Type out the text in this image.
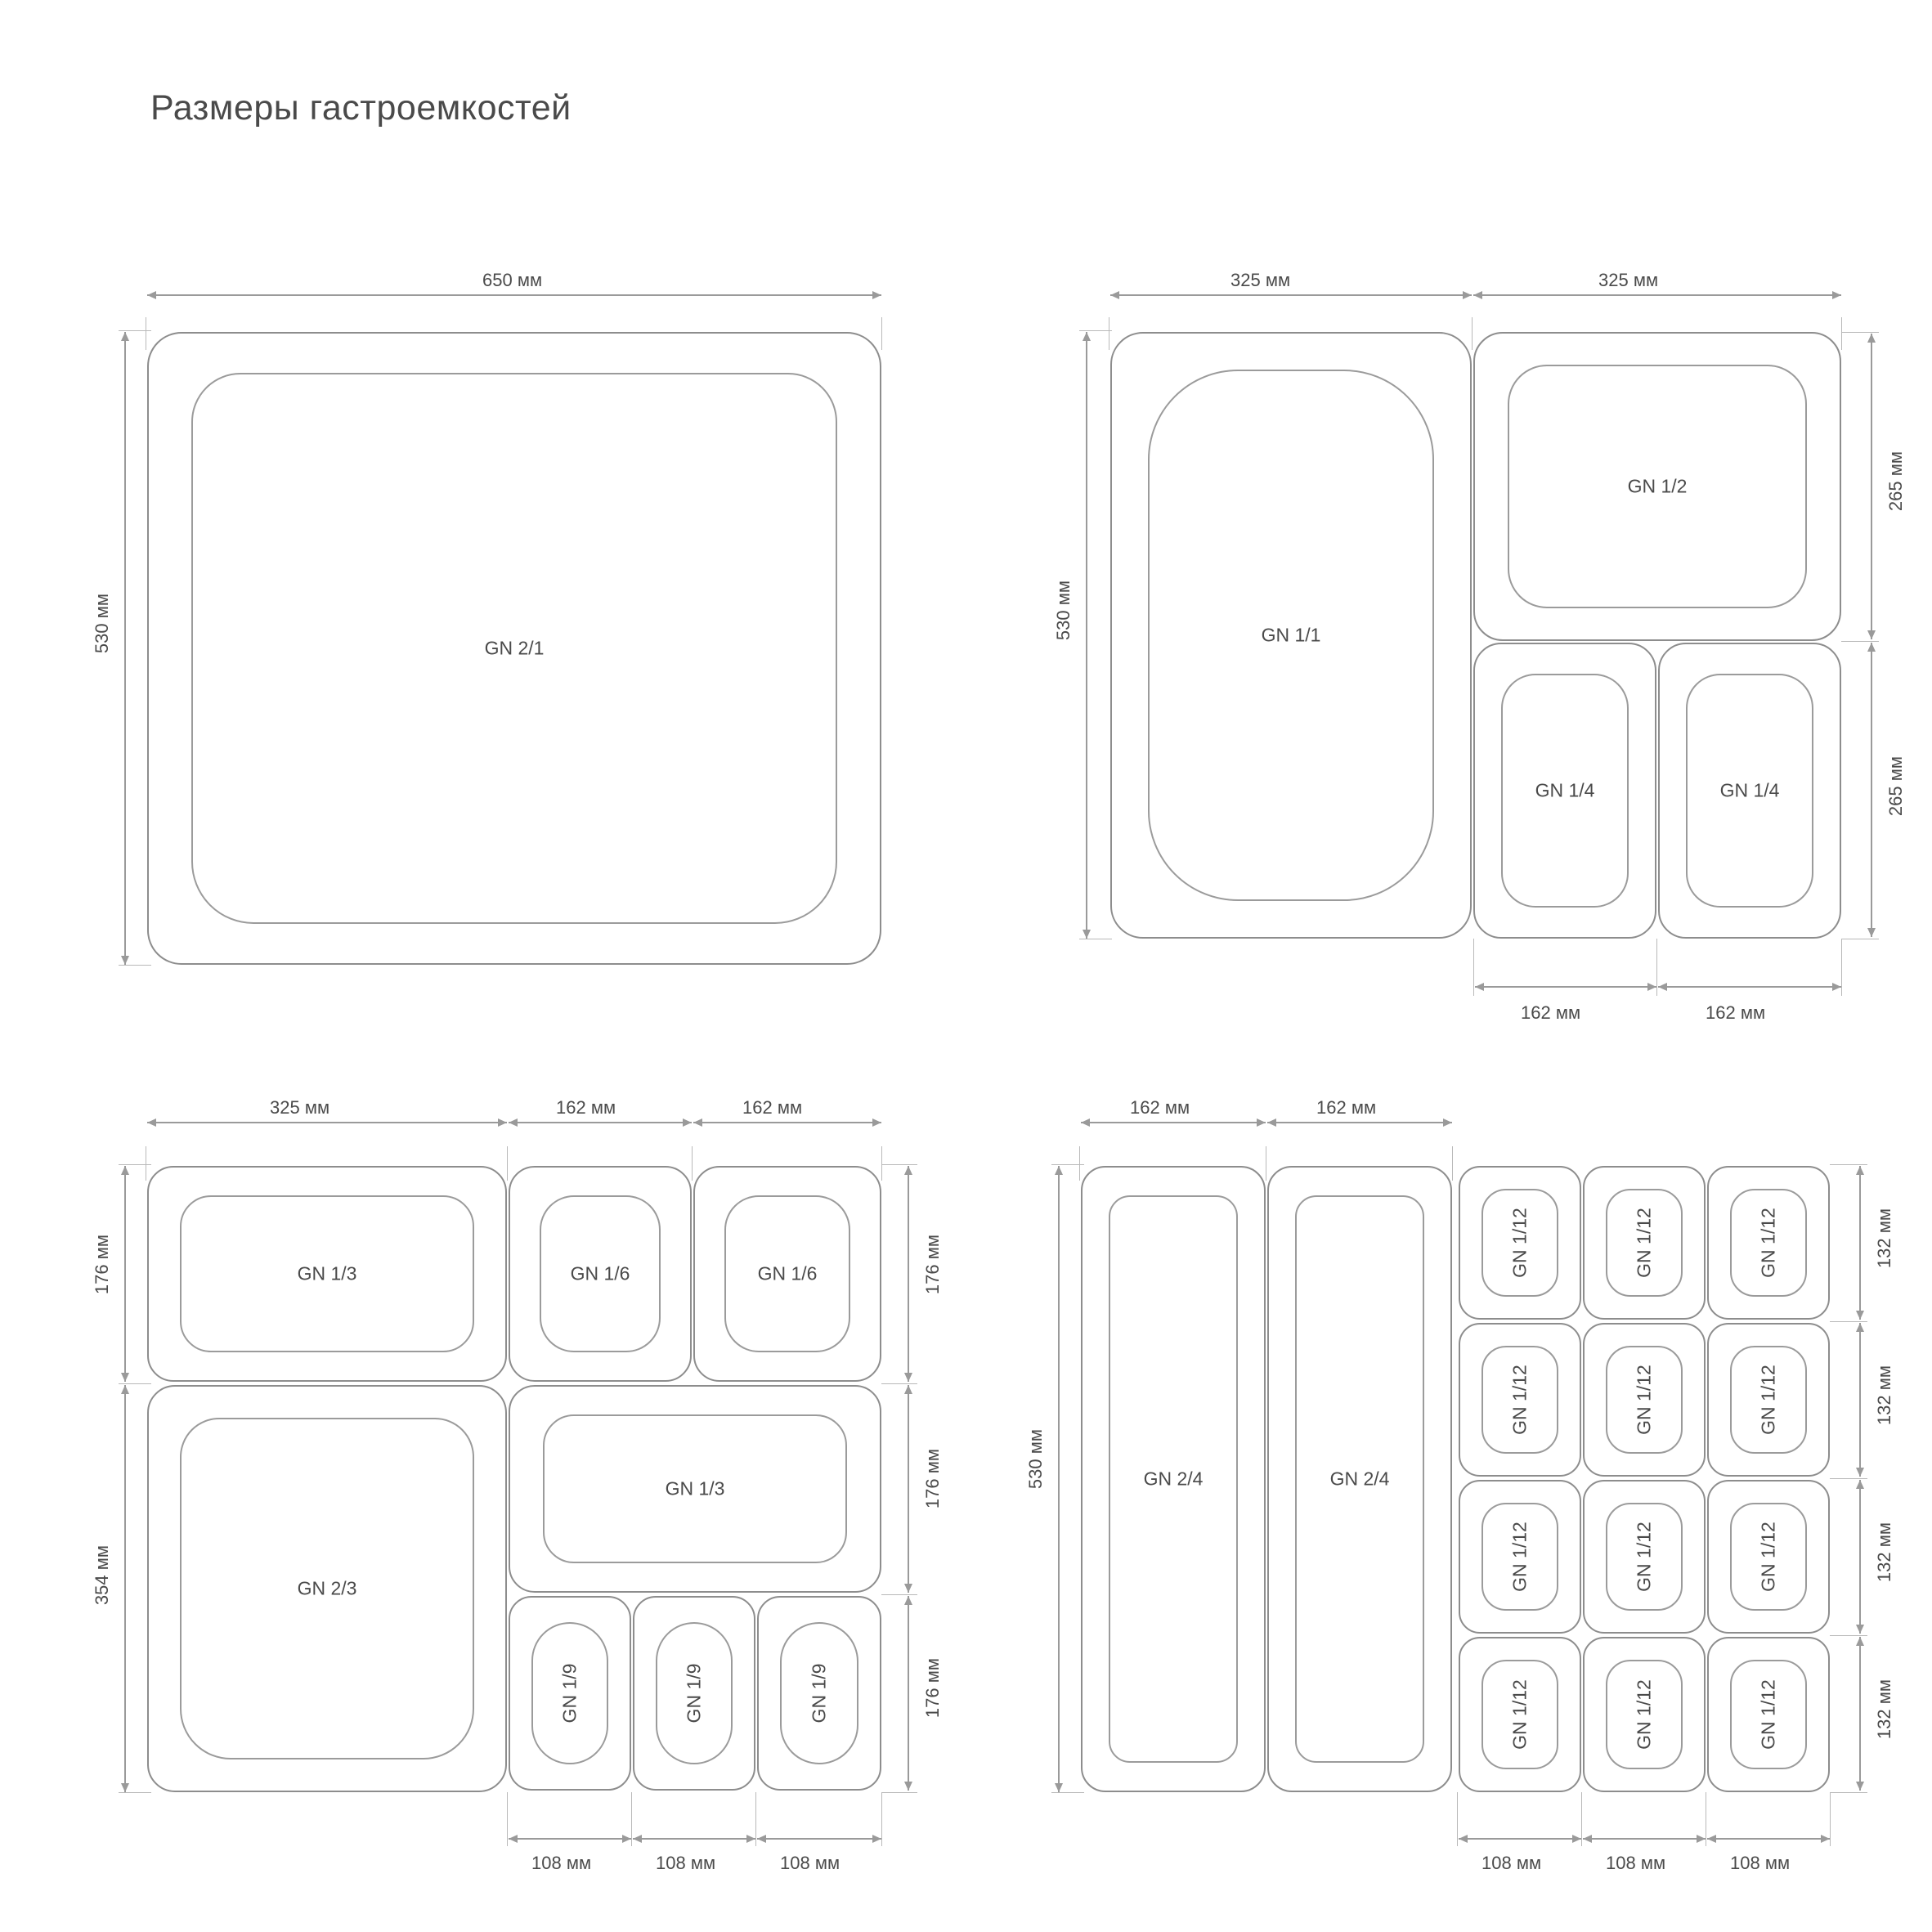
Размеры гастроемкостей
650 мм
530 мм	GN 2/1
325 мм	325 мм
530 мм
265 мм
265 мм
162 мм	162 мм
GN 1/1
GN 1/2
GN 1/4	GN 1/4
325 мм	162 мм	162 мм
176 мм
354 мм
176 мм
176 мм
176 мм
108 мм	108 мм	108 мм
GN 1/3	GN 1/6	GN 1/6
GN 2/3
GN 1/3
GN 1/9	GN 1/9	GN 1/9
162 мм	162 мм
530 мм
132 мм
132 мм
132 мм
132 мм
108 мм	108 мм	108 мм
GN 2/4	GN 2/4
GN 1/12	GN 1/12	GN 1/12
GN 1/12	GN 1/12	GN 1/12
GN 1/12	GN 1/12	GN 1/12
GN 1/12	GN 1/12	GN 1/12
